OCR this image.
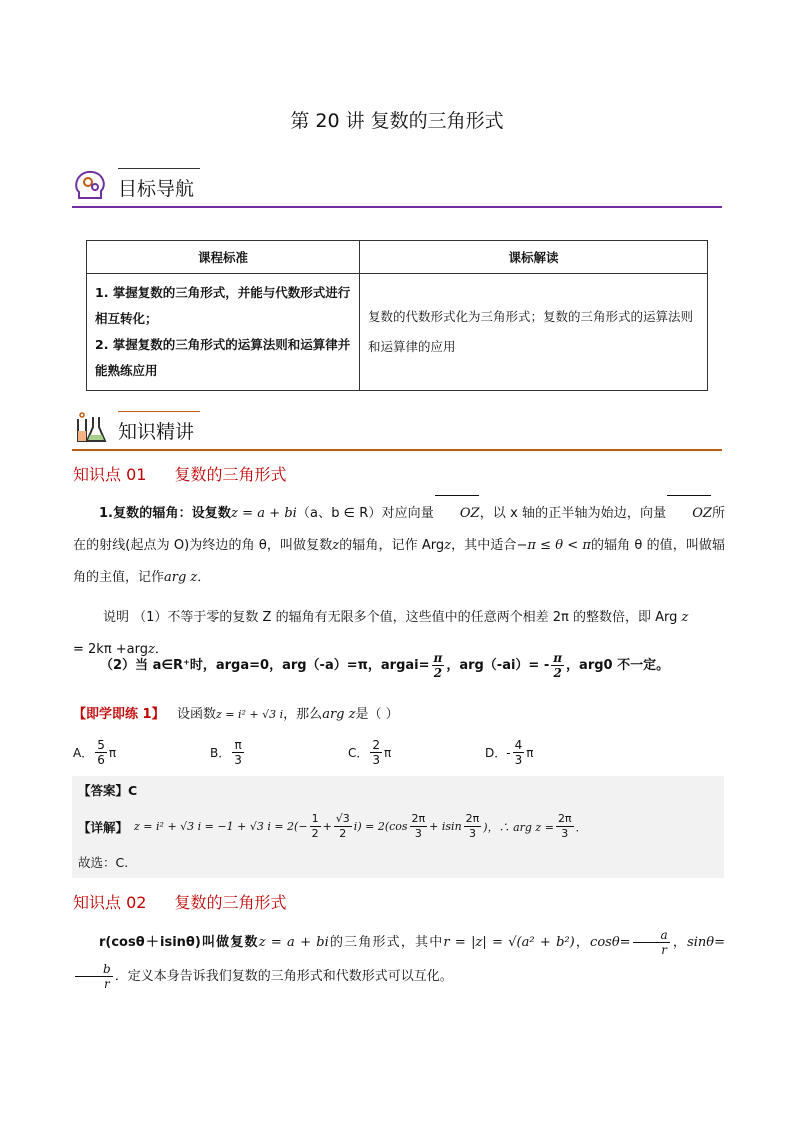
第 20 讲 复数的三角形式
目标导航
课程标准	课标解读

1. 掌握复数的三角形式，并能与代数形式进行相互转化；
2. 掌握复数的三角形式的运算法则和运算律并能熟练应用	复数的代数形式化为三角形式；复数的三角形式的运算法则和运算律的应用
知识精讲
知识点 01 复数的三角形式
1.复数的辐角：设复数z = a + bi（a、b ∈ R）对应向量 OZ，以 x 轴的正半轴为始边，向量 OZ所在的射线(起点为 O)为终边的角 θ，叫做复数z的辐角，记作 Argz，其中适合−π ≤ θ < π的辐角 θ 的值，叫做辐角的主值，记作arg z．
说明 （1）不等于零的复数 Z 的辐角有无限多个值，这些值中的任意两个相差 2π 的整数倍，即 Arg z
= 2kπ +argz．
（2）当 a∈R⁺时，arga=0，arg（-a）=π，argai= $\frac{\pi}{2}$ ，$arg(-ai)= - \frac{\pi}{2}$ ，arg0 不一定。
【即学即练 1】 设函数z = i² + √3 i，那么arg z是（ ）
A． $\frac{5}{6}$ π	B． $\frac{\pi}{3}$	C． $\frac{2}{3}$ π	D． - $\frac{4}{3}$ π
【答案】C
【详解】 z = i² + √3 i = −1 + √3 $i = 2(- \frac{1}{2} + \frac{√3}{2} i) = 2(\cos \frac{2\pi}{3} + isin \frac{2\pi}{3}$ )，∴ arg $z = \frac{2\pi}{3}$ ．
故选：C.
知识点 02 复数的三角形式
r(cosθ＋isinθ)叫做复数z = a + bi的三角形式，其中r = |z| = √(a² + b²)，$\cos\theta= \frac{a}{r}$ ，sinθ=
$\frac{b}{r}$ ．定义本身告诉我们复数的三角形式和代数形式可以互化。
